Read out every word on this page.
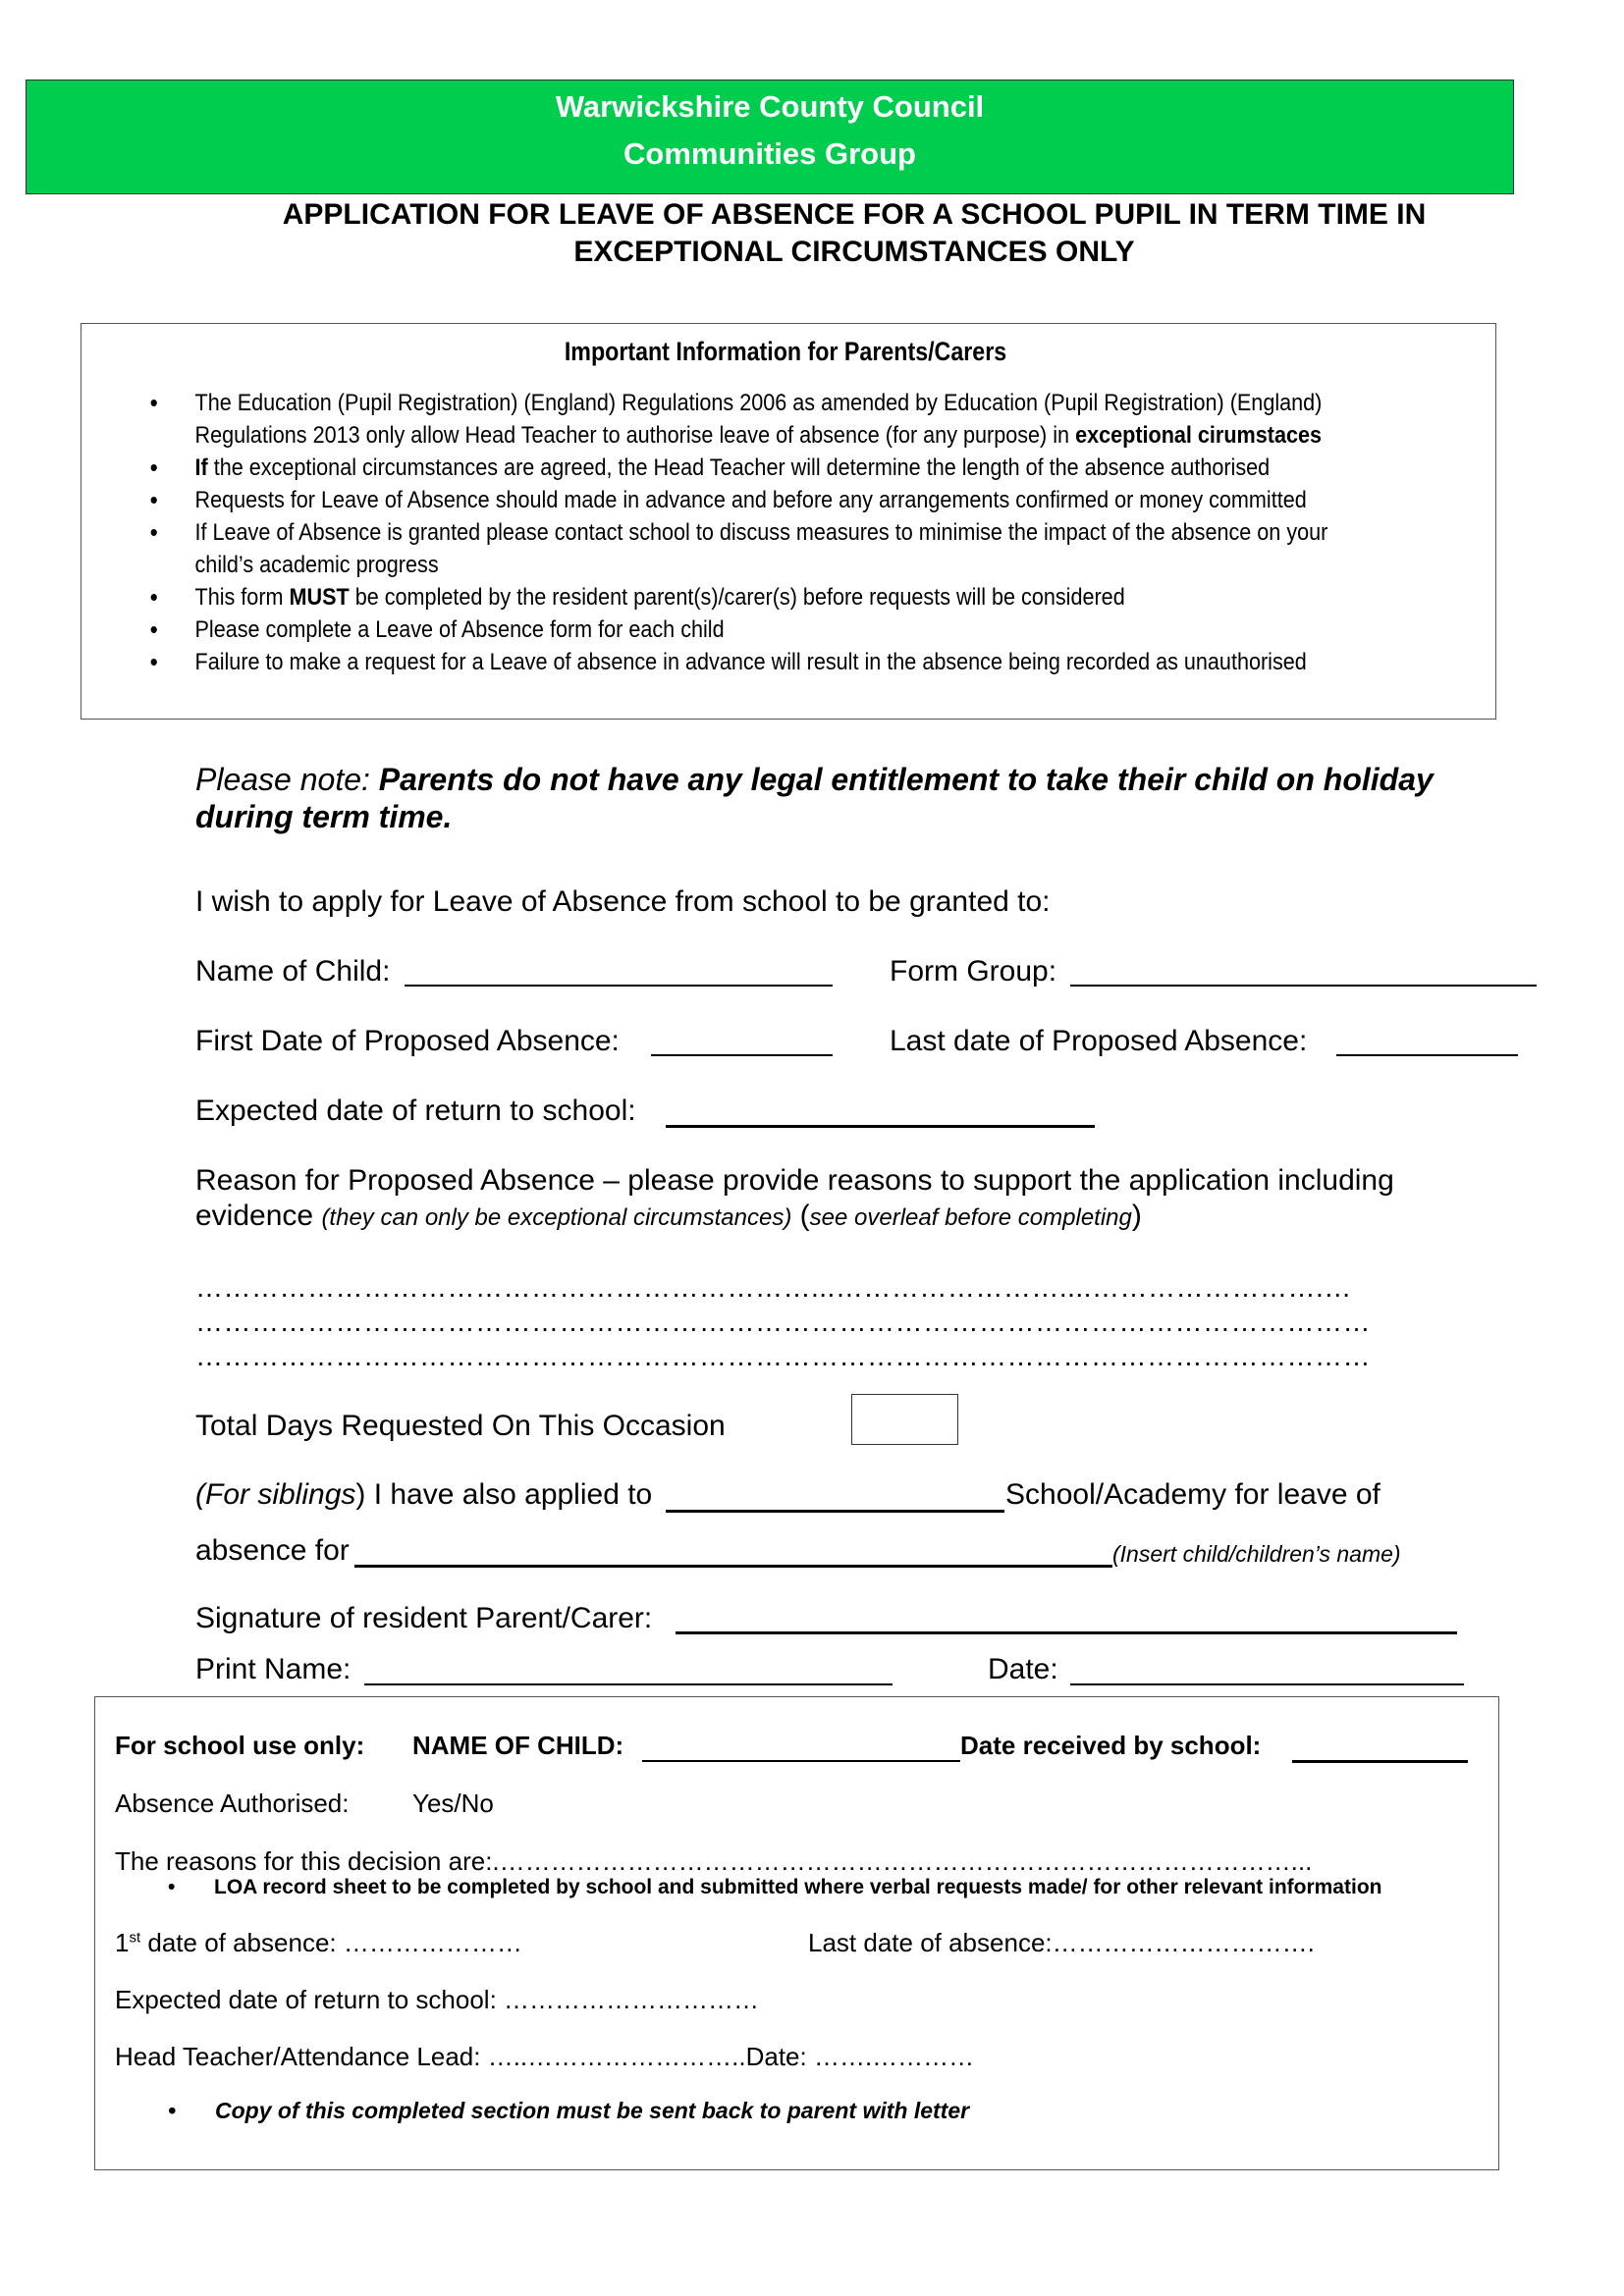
Warwickshire County Council
Communities Group
APPLICATION FOR LEAVE OF ABSENCE FOR A SCHOOL PUPIL IN TERM TIME IN
EXCEPTIONAL CIRCUMSTANCES ONLY
Important Information for Parents/Carers
• The Education (Pupil Registration) (England) Regulations 2006 as amended by Education (Pupil Registration) (England)
Regulations 2013 only allow Head Teacher to authorise leave of absence (for any purpose) in exceptional cirumstaces
• If the exceptional circumstances are agreed, the Head Teacher will determine the length of the absence authorised
• Requests for Leave of Absence should made in advance and before any arrangements confirmed or money committed
• If Leave of Absence is granted please contact school to discuss measures to minimise the impact of the absence on your
child’s academic progress
• This form MUST be completed by the resident parent(s)/carer(s) before requests will be considered
• Please complete a Leave of Absence form for each child
• Failure to make a request for a Leave of absence in advance will result in the absence being recorded as unauthorised
Please note: Parents do not have any legal entitlement to take their child on holiday
during term time.
I wish to apply for Leave of Absence from school to be granted to:
Name of Child:	Form Group:
First Date of Proposed Absence:	Last date of Proposed Absence:
Expected date of return to school:
Reason for Proposed Absence – please provide reasons to support the application including
evidence (they can only be exceptional circumstances) (see overleaf before completing)
…………………………………………………………...……………………....…………………….…
………………………………………………………………………………………………………………
………………………………………………………………………………………………………………
Total Days Requested On This Occasion
(For siblings) I have also applied to	School/Academy for leave of
absence for	(Insert child/children’s name)
Signature of resident Parent/Carer:
Print Name:	Date:
For school use only: NAME OF CHILD:	Date received by school:
Absence Authorised: Yes/No
The reasons for this decision are:.…………………………………………………………………………………...
• LOA record sheet to be completed by school and submitted where verbal requests made/ for other relevant information
1st date of absence: …………………	Last date of absence:………………………….
Expected date of return to school: …………………………
Head Teacher/Attendance Lead: …..……………………..Date: …….…………
• Copy of this completed section must be sent back to parent with letter
